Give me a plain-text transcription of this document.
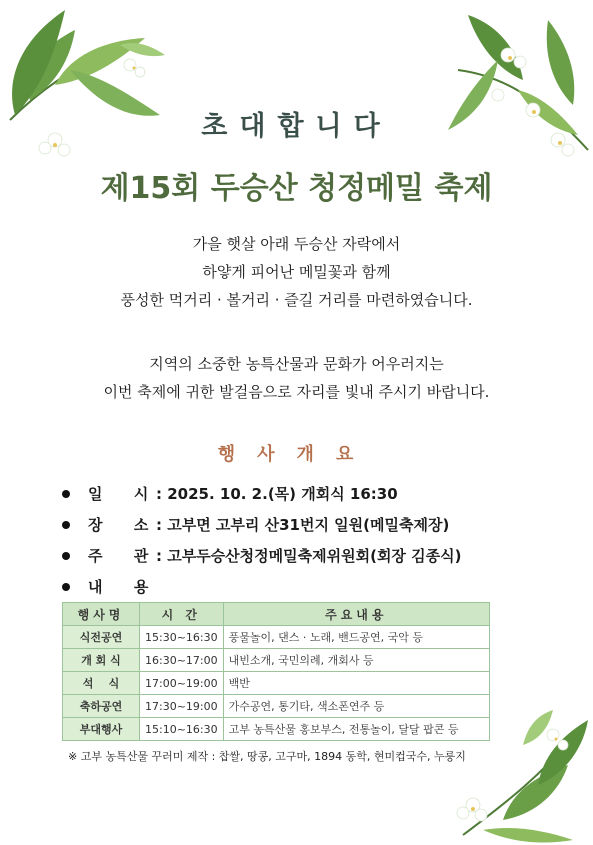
초대합니다
제15회 두승산 청정메밀 축제

가을 햇살 아래 두승산 자락에서

하얗게 피어난 메밀꽃과 함께

풍성한 먹거리 · 볼거리 · 즐길 거리를 마련하였습니다.

지역의 소중한 농특산물과 문화가 어우러지는

이번 축제에 귀한 발걸음으로 자리를 빛내 주시기 바랍니다.

행사개요
일      시 : 2025. 10. 2.(목) 개회식 16:30
장      소 : 고부면 고부리 산31번지 일원(메밀축제장)
주      관 : 고부두승산청정메밀축제위원회(회장 김종식)
내      용
행사명	시 간	주요내용
식전공연	15:30~16:30	풍물놀이, 댄스 · 노래, 밴드공연, 국악 등
개 회 식	16:30~17:00	내빈소개, 국민의례, 개회사 등
석    식	17:00~19:00	백반
축하공연	17:30~19:00	가수공연, 통기타, 색소폰연주 등
부대행사	15:10~16:30	고부 농특산물 홍보부스, 전통놀이, 달달 팝콘 등
※ 고부 농특산물 꾸러미 제작 : 찹쌀, 땅콩, 고구마, 1894 동학, 현미컵국수, 누룽지
